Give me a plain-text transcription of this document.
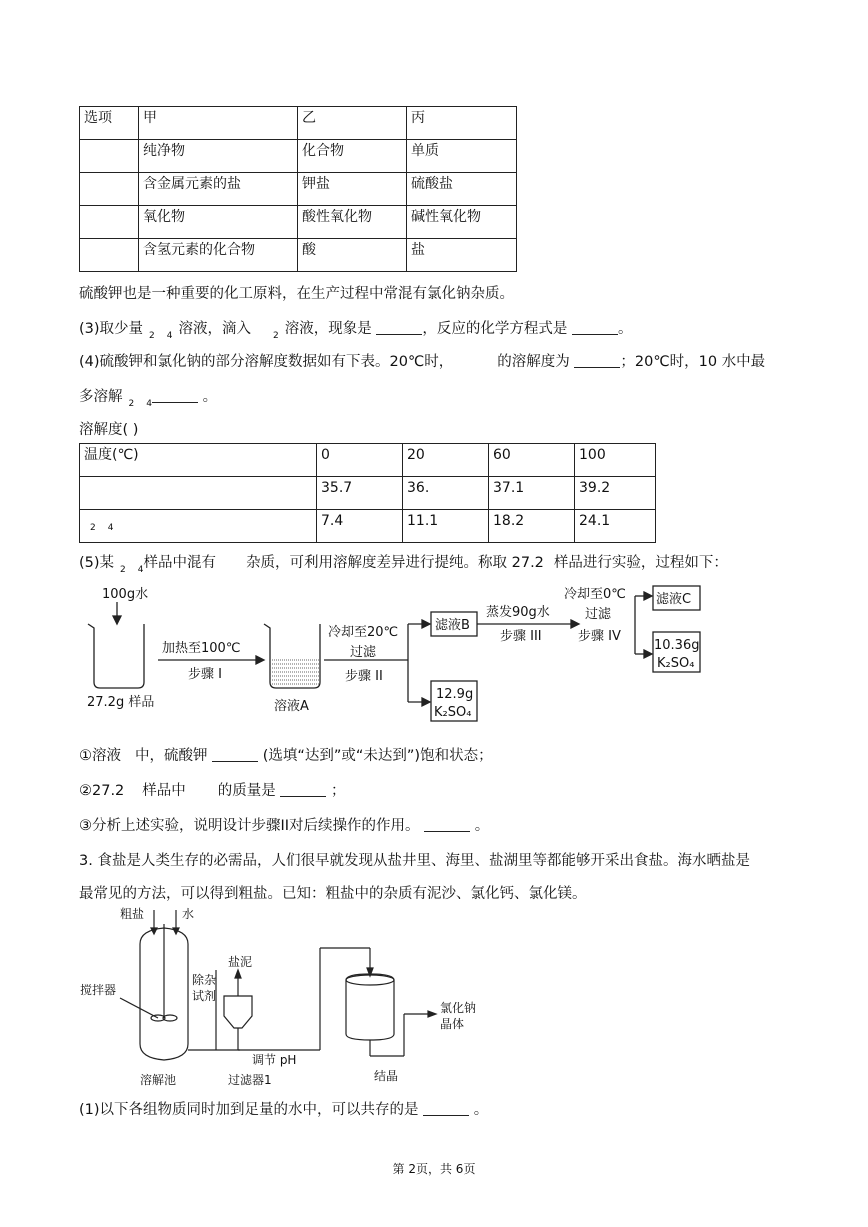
选项	甲	乙	丙
	纯净物	化合物	单质
	含金属元素的盐	钾盐	硫酸盐
	氧化物	酸性氧化物	碱性氧化物
	含氢元素的化合物	酸	盐
硫酸钾也是一种重要的化工原料，在生产过程中常混有氯化钠杂质。
(3)取少量 $_2$ $_4$ 溶液，滴入 $_2$ 溶液，现象是	，反应的化学方程式是	。
(4)硫酸钾和氯化钠的部分溶解度数据如有下表。20℃时，	的溶解度为	；20℃时，10 水中最
多溶解 $_2$ $_4$	。
溶解度( )
温度(℃)	0	20	60	100
	35.7	36.	37.1	39.2
$_2$ $_4$	7.4	11.1	18.2	24.1
(5)某 $_2$ $_4$样品中混有 杂质，可利用溶解度差异进行提纯。称取 27.2 样品进行实验，过程如下：
100g水
27.2g 样品
加热至100℃
步骤 I
溶液A
冷却至20℃
过滤
步骤 II
滤液B
12.9g
K₂SO₄
蒸发90g水
步骤 III
冷却至0℃
过滤
步骤 IV
滤液C
10.36g
K₂SO₄
①溶液 中，硫酸钾	(选填“达到”或“未达到”)饱和状态；
②27.2 样品中 的质量是	；
③分析上述实验，说明设计步骤II对后续操作的作用。	。
3. 食盐是人类生存的必需品，人们很早就发现从盐井里、海里、盐湖里等都能够开采出食盐。海水晒盐是
最常见的方法，可以得到粗盐。已知：粗盐中的杂质有泥沙、氯化钙、氯化镁。
粗盐	水
搅拌器
溶解池
除杂
试剂
盐泥
过滤器1
调节 pH
结晶
氯化钠
晶体
(1)以下各组物质同时加到足量的水中，可以共存的是	。
第 2页，共 6页
